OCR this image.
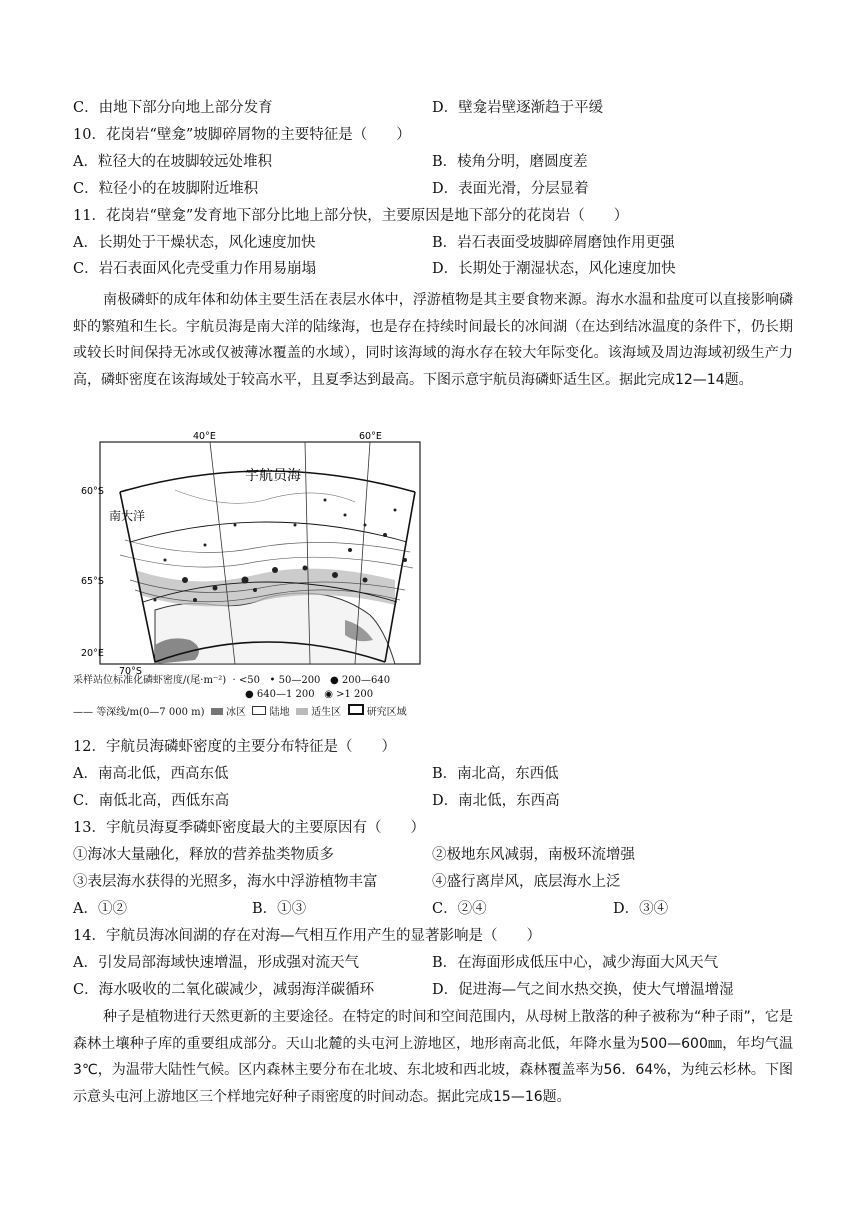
C．由地下部分向地上部分发育	D．壁龛岩壁逐渐趋于平缓
10．花岗岩“壁龛”坡脚碎屑物的主要特征是（　　）
A．粒径大的在坡脚较远处堆积	B．棱角分明，磨圆度差
C．粒径小的在坡脚附近堆积	D．表面光滑，分层显着
11．花岗岩“壁龛”发育地下部分比地上部分快，主要原因是地下部分的花岗岩（　　）
A．长期处于干燥状态，风化速度加快	B．岩石表面受坡脚碎屑磨蚀作用更强
C．岩石表面风化壳受重力作用易崩塌	D．长期处于潮湿状态，风化速度加快
南极磷虾的成年体和幼体主要生活在表层水体中，浮游植物是其主要食物来源。海水水温和盐度可以直接影响磷虾的繁殖和生长。宇航员海是南大洋的陆缘海，也是存在持续时间最长的冰间湖（在达到结冰温度的条件下，仍长期或较长时间保持无冰或仅被薄冰覆盖的水域），同时该海域的海水存在较大年际变化。该海域及周边海域初级生产力高，磷虾密度在该海域处于较高水平，且夏季达到最高。下图示意宇航员海磷虾适生区。据此完成12—14题。
40°E	60°E
60°S
65°S
20°E
70°S
宇航员海
南大洋
采样站位标准化磷虾密度/(尾·m⁻²) · <50 • 50—200 ● 200—640
● 640—1 200 ◉ >1 200
—— 等深线/m(0—7 000 m) 冰区 陆地 适生区	研究区域
12．宇航员海磷虾密度的主要分布特征是（　　）
A．南高北低，西高东低	B．南北高，东西低
C．南低北高，西低东高	D．南北低，东西高
13．宇航员海夏季磷虾密度最大的主要原因有（　　）
①海冰大量融化，释放的营养盐类物质多	②极地东风减弱，南极环流增强
③表层海水获得的光照多，海水中浮游植物丰富	④盛行离岸风，底层海水上泛
A．①②	B．①③	C．②④	D．③④
14．宇航员海冰间湖的存在对海—气相互作用产生的显著影响是（　　）
A．引发局部海域快速增温，形成强对流天气	B．在海面形成低压中心，减少海面大风天气
C．海水吸收的二氧化碳减少，减弱海洋碳循环	D．促进海—气之间水热交换，使大气增温增湿
种子是植物进行天然更新的主要途径。在特定的时间和空间范围内，从母树上散落的种子被称为“种子雨”，它是森林土壤种子库的重要组成部分。天山北麓的头屯河上游地区，地形南高北低，年降水量为500—600㎜，年均气温3℃，为温带大陆性气候。区内森林主要分布在北坡、东北坡和西北坡，森林覆盖率为56．64%，为纯云杉林。下图示意头屯河上游地区三个样地完好种子雨密度的时间动态。据此完成15—16题。
